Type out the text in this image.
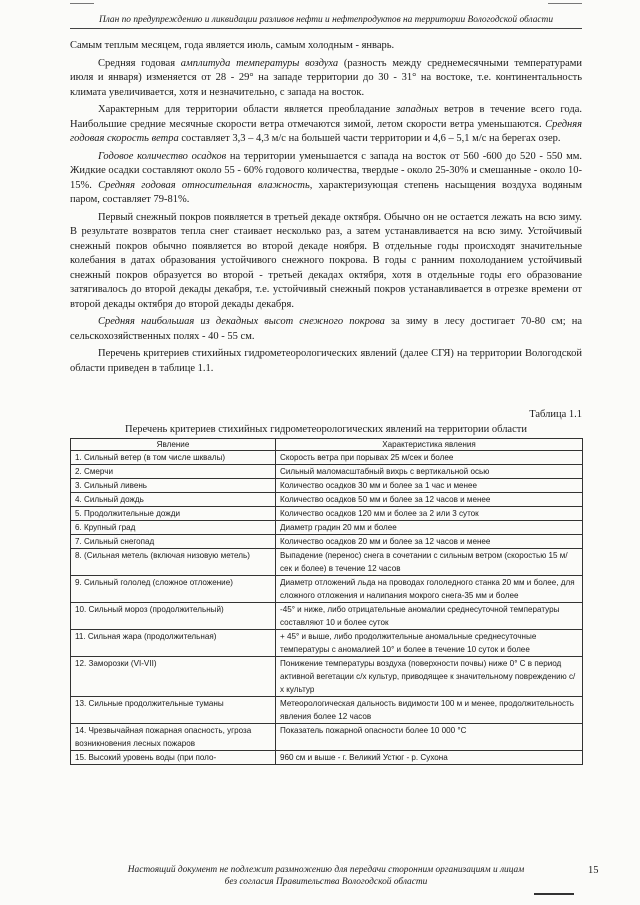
План по предупреждению и ликвидации разливов нефти и нефтепродуктов на территории Вологодской области

Самым теплым месяцем, года является июль, самым холодным - январь.

Средняя годовая амплитуда температуры воздуха (разность между среднемесячными температурами июля и января) изменяется от 28 - 29° на западе территории до 30 - 31° на востоке, т.е. континентальность климата увеличивается, хотя и незначительно, с запада на восток.

Характерным для территории области является преобладание западных ветров в течение всего года. Наибольшие средние месячные скорости ветра отмечаются зимой, летом скорости ветра уменьшаются. Средняя годовая скорость ветра составляет 3,3 – 4,3 м/с на большей части территории и 4,6 – 5,1 м/с на берегах озер.

Годовое количество осадков на территории уменьшается с запада на восток от 560 -600 до 520 - 550 мм. Жидкие осадки составляют около 55 - 60% годового количества, твердые - около 25-30% и смешанные - около 10-15%. Средняя годовая относительная влажность, характеризующая степень насыщения воздуха водяным паром, составляет 79-81%.

Первый снежный покров появляется в третьей декаде октября. Обычно он не остается лежать на всю зиму. В результате возвратов тепла снег стаивает несколько раз, а затем устанавливается на всю зиму. Устойчивый снежный покров обычно появляется во второй декаде ноября. В отдельные годы происходят значительные колебания в датах образования устойчивого снежного покрова. В годы с ранним похолоданием устойчивый снежный покров образуется во второй - третьей декадах октября, хотя в отдельные годы его образование затягивалось до второй декады декабря, т.е. устойчивый снежный покров устанавливается в отрезке времени от второй декады октября до второй декады декабря.

Средняя наибольшая из декадных высот снежного покрова за зиму в лесу достигает 70-80 см; на сельскохозяйственных полях - 40 - 55 см.

Перечень критериев стихийных гидрометеорологических явлений (далее СГЯ) на территории Вологодской области приведен в таблице 1.1.

Таблица 1.1
Перечень критериев стихийных гидрометеорологических явлений на территории области
Явление	Характеристика явления
1. Сильный ветер (в том числе шквалы)	Скорость ветра при порывах 25 м/сек и более
2. Смерчи	Сильный маломасштабный вихрь с вертикальной осью
3. Сильный ливень	Количество осадков 30 мм и более за 1 час и менее
4. Сильный дождь	Количество осадков 50 мм и более за 12 часов и менее
5. Продолжительные дожди	Количество осадков 120 мм и более за 2 или 3 суток
6. Крупный град	Диаметр градин 20 мм и более
7. Сильный снегопад	Количество осадков 20 мм и более за 12 часов и менее
8. (Сильная метель (включая низовую метель)	Выпадение (перенос) снега в сочетании с сильным ветром (скоростью 15 м/сек и более) в течение 12 часов
9. Сильный гололед (сложное отложение)	Диаметр отложений льда на проводах гололедного станка 20 мм и более, для сложного отложения и налипания мокрого снега-35 мм и более
10. Сильный мороз (продолжительный)	-45° и ниже, либо отрицательные аномалии среднесуточной температуры составляют 10 и более суток
11. Сильная жара (продолжительная)	+ 45° и выше, либо продолжительные аномальные среднесуточные температуры с аномалией 10° и более в течение 10 суток и более
12. Заморозки (VI-VII)	Понижение температуры воздуха (поверхности почвы) ниже 0° С в период активной вегетации с/х культур, приводящее к значительному повреждению с/х культур
13. Сильные продолжительные туманы	Метеорологическая дальность видимости 100 м и менее, продолжительность явления более 12 часов
14. Чрезвычайная пожарная опасность, угроза возникновения лесных пожаров	Показатель пожарной опасности более 10 000 °С
15. Высокий уровень воды (при поло-	960 см и выше - г. Великий Устюг - р. Сухона
Настоящий документ не подлежит размножению для передачи сторонним организациям и лицам
без согласия Правительства Вологодской области
15
